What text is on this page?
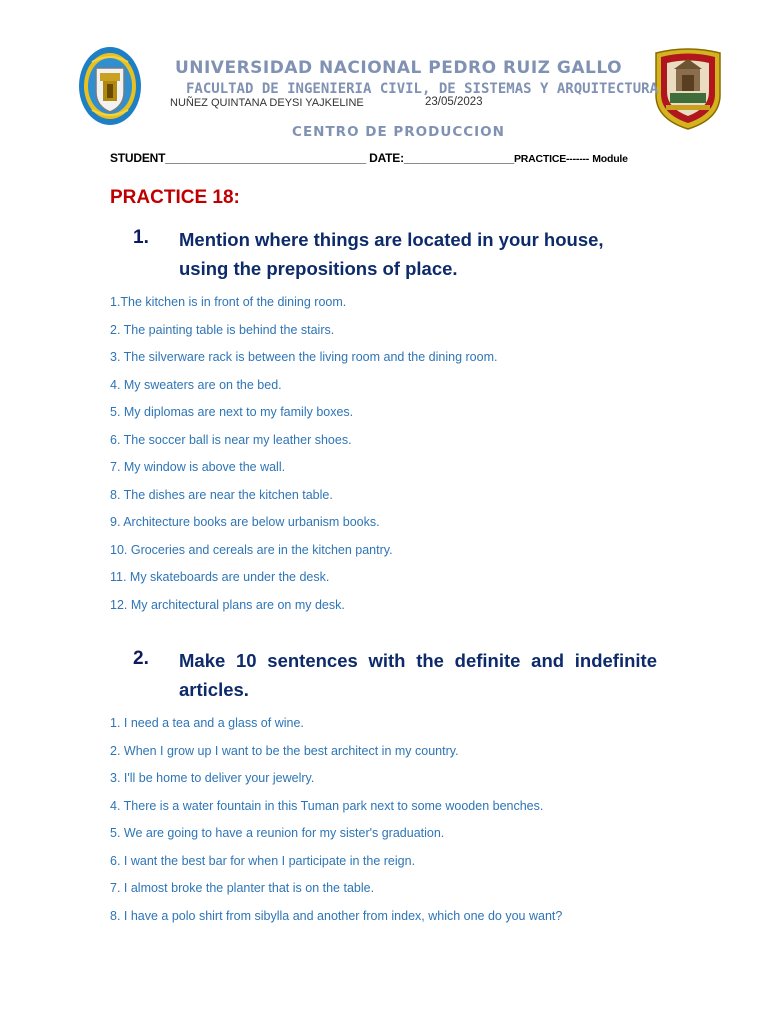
UNIVERSIDAD NACIONAL PEDRO RUIZ GALLO
FACULTAD DE INGENIERIA CIVIL, DE SISTEMAS Y ARQUITECTURA
NUÑEZ QUINTANA DEYSI YAJKELINE	23/05/2023
CENTRO DE PRODUCCION
STUDENT_______________________________ DATE:_________________PRACTICE------- Module
PRACTICE 18:
1. Mention where things are located in your house, using the prepositions of place.
1.The kitchen is in front of the dining room.
2. The painting table is behind the stairs.
3. The silverware rack is between the living room and the dining room.
4. My sweaters are on the bed.
5. My diplomas are next to my family boxes.
6. The soccer ball is near my leather shoes.
7. My window is above the wall.
8. The dishes are near the kitchen table.
9. Architecture books are below urbanism books.
10. Groceries and cereals are in the kitchen pantry.
11. My skateboards are under the desk.
12. My architectural plans are on my desk.
2. Make 10 sentences with the definite and indefinite articles.
1. I need a tea and a glass of wine.
2. When I grow up I want to be the best architect in my country.
3. I'll be home to deliver your jewelry.
4. There is a water fountain in this Tuman park next to some wooden benches.
5. We are going to have a reunion for my sister's graduation.
6. I want the best bar for when I participate in the reign.
7. I almost broke the planter that is on the table.
8. I have a polo shirt from sibylla and another from index, which one do you want?
